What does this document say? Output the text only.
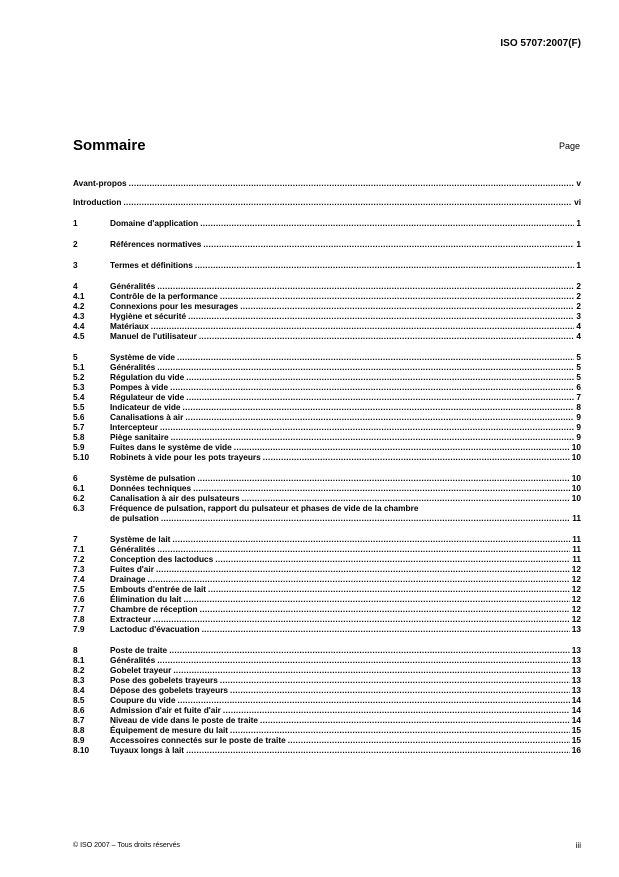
ISO 5707:2007(F)
Sommaire	Page
Avant-propos .....	v
Introduction .....	vi
1	Domaine d'application .....	1
2	Références normatives .....	1
3	Termes et définitions .....	1
4	Généralités .....	2
4.1	Contrôle de la performance .....	2
4.2	Connexions pour les mesurages .....	2
4.3	Hygiène et sécurité .....	3
4.4	Matériaux .....	4
4.5	Manuel de l'utilisateur .....	4
5	Système de vide .....	5
5.1	Généralités .....	5
5.2	Régulation du vide .....	5
5.3	Pompes à vide .....	6
5.4	Régulateur de vide .....	7
5.5	Indicateur de vide .....	8
5.6	Canalisations à air .....	9
5.7	Intercepteur .....	9
5.8	Piège sanitaire .....	9
5.9	Fuites dans le système de vide .....	10
5.10	Robinets à vide pour les pots trayeurs .....	10
6	Système de pulsation .....	10
6.1	Données techniques .....	10
6.2	Canalisation à air des pulsateurs .....	10
6.3	Fréquence de pulsation, rapport du pulsateur et phases de vide de la chambre
de pulsation .....	11
7	Système de lait .....	11
7.1	Généralités .....	11
7.2	Conception des lactoducs .....	11
7.3	Fuites d'air .....	12
7.4	Drainage .....	12
7.5	Embouts d'entrée de lait .....	12
7.6	Élimination du lait .....	12
7.7	Chambre de réception .....	12
7.8	Extracteur .....	12
7.9	Lactoduc d'évacuation .....	13
8	Poste de traite .....	13
8.1	Généralités .....	13
8.2	Gobelet trayeur .....	13
8.3	Pose des gobelets trayeurs .....	13
8.4	Dépose des gobelets trayeurs .....	13
8.5	Coupure du vide .....	14
8.6	Admission d'air et fuite d'air .....	14
8.7	Niveau de vide dans le poste de traite .....	14
8.8	Équipement de mesure du lait .....	15
8.9	Accessoires connectés sur le poste de traite .....	15
8.10	Tuyaux longs à lait .....	16
© ISO 2007 – Tous droits réservés	iii
